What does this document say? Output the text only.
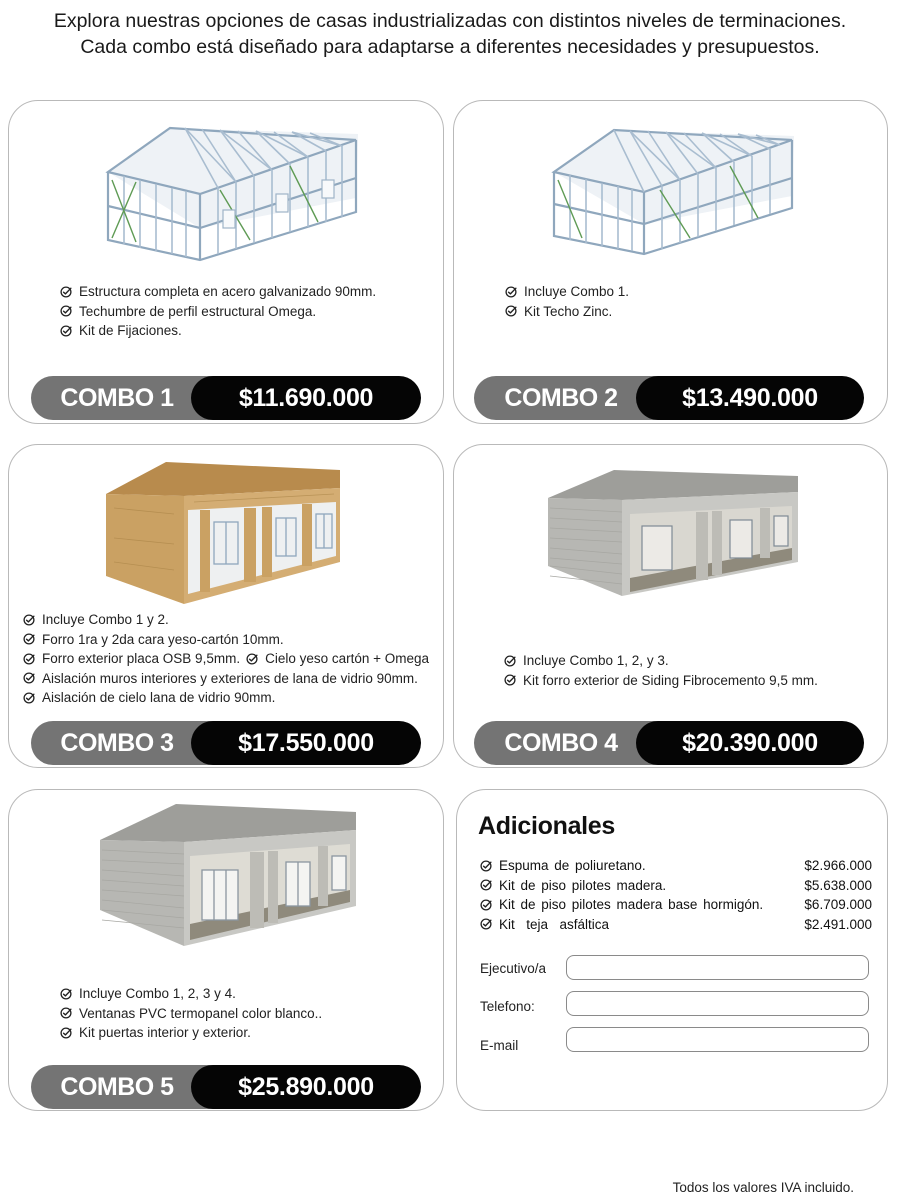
Explora nuestras opciones de casas industrializadas con distintos niveles de terminaciones.
Cada combo está diseñado para adaptarse a diferentes necesidades y presupuestos.
Estructura completa en acero galvanizado 90mm.
Techumbre de perfil estructural Omega.
Kit de Fijaciones.
COMBO 1	$11.690.000
Incluye Combo 1.
Kit Techo Zinc.
COMBO 2	$13.490.000
Incluye Combo 1 y 2.
Forro 1ra y 2da cara yeso-cartón 10mm.
Forro exterior placa OSB 9,5mm. Cielo yeso cartón + Omega
Aislación muros interiores y exteriores de lana de vidrio 90mm.
Aislación de cielo lana de vidrio 90mm.
COMBO 3	$17.550.000
Incluye Combo 1, 2, y 3.
Kit forro exterior de Siding Fibrocemento 9,5 mm.
COMBO 4	$20.390.000
Incluye Combo 1, 2, 3 y 4.
Ventanas PVC termopanel color blanco..
Kit puertas interior y exterior.
COMBO 5	$25.890.000
Adicionales
Espuma de poliuretano.	$2.966.000
Kit de piso pilotes madera.	$5.638.000
Kit de piso pilotes madera base hormigón.	$6.709.000
Kit  teja  asfáltica	$2.491.000
Ejecutivo/a
Telefono:
E-mail
Todos los valores IVA incluido.
